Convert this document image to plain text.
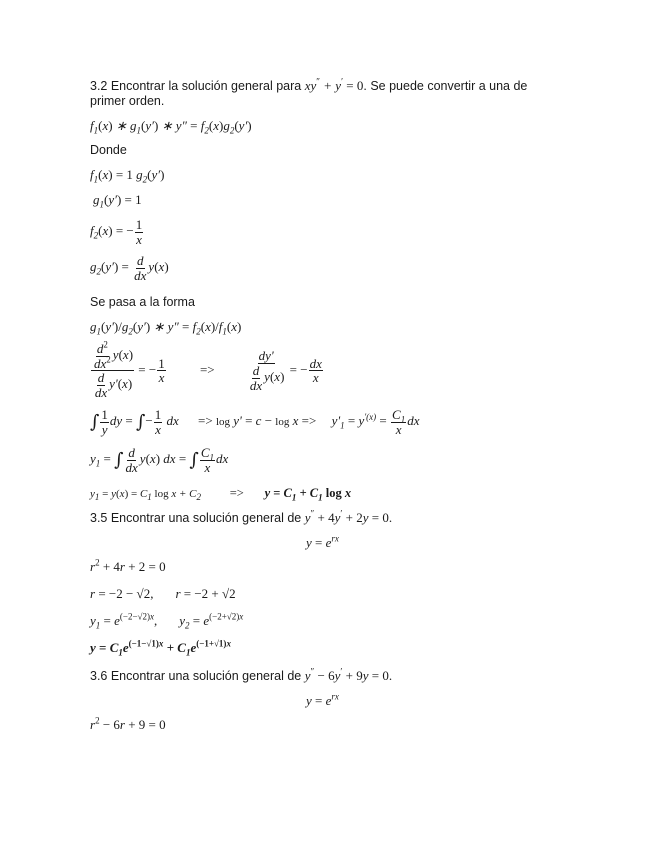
3.2 Encontrar la solución general para xy″ + y′ = 0. Se puede convertir a una de
primer orden.
$f_1(x)$ ∗ $g_1(y')$ ∗ $y'' = f_2(x)g_2(y')$
Donde
$f_1(x) = 1$ $g_2(y')$
$g_1(y') = 1$
$f_2(x)$ = − $\frac{1}{x}$
$g_2(y') = \frac{d}{dx} y(x)$
Se pasa a la forma
$g_1(y')/g_2(y')$ ∗ $y'' = f_2(x)/f_1(x)$
$\frac{\frac{d^2}{dx^2} y(x)}{\frac{d}{dx} y'(x)}$ = − $\frac{1}{x}$	=> $\frac{dy'}{\frac{d}{dx} y(x)}$ = − $\frac{dx}{x}$
∫ $\frac{1}{y}$ dy = ∫− $\frac{1}{x}$ dx => $\log y' = c - \log x => y'_1 = y^{'(x)} = \frac{C_1}{x}$ dx
$y_1$ = ∫ $\frac{d}{dx} y(x)$ dx = ∫ $\frac{C_1}{x}$ dx
$y_1 = y(x) = C_1$ $\log x + C_2 => y = C_1 + C_1$ log x
3.5 Encontrar una solución general de y″ + 4y′ + 2y = 0.
$y = e^{rx}$
$r^2 + 4r + 2 = 0$
r = −2 − √2, r = −2 + √2
$y_1 = e^{(-2-√2)x}$, $y_2 = e^{(-2+√2)x}$
$y = C_1e^{(-1-√1)x} + C_1e^{(-1+√1)x}$
3.6 Encontrar una solución general de y″ − 6y′ + 9y = 0.
$y = e^{rx}$
$r^2 - 6r + 9 = 0$
